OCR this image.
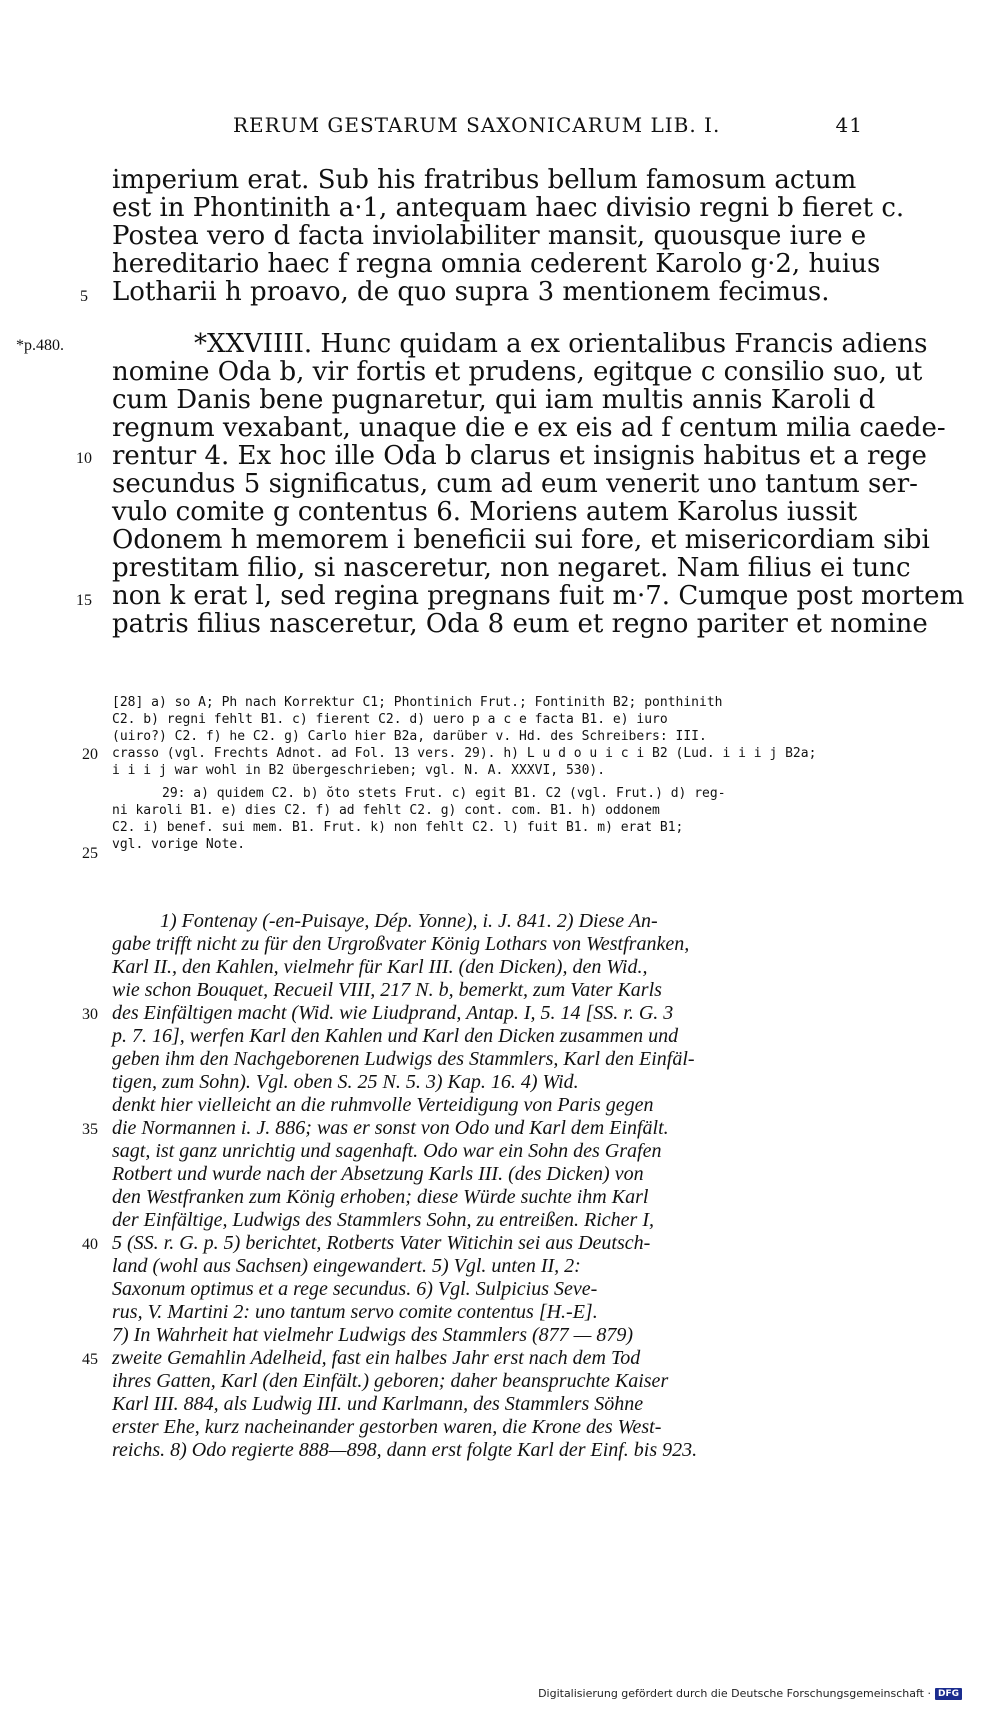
RERUM GESTARUM SAXONICARUM LIB. I.	41
imperium erat. Sub his fratribus bellum famosum actum
est in Phontinith a·1, antequam haec divisio regni b fieret c.
Postea vero d facta inviolabiliter mansit, quousque iure e
hereditario haec f regna omnia cederent Karolo g·2, huius
Lotharii h proavo, de quo supra 3 mentionem fecimus.
*XXVIIII. Hunc quidam a ex orientalibus Francis adiens
nomine Oda b, vir fortis et prudens, egitque c consilio suo, ut
cum Danis bene pugnaretur, qui iam multis annis Karoli d
regnum vexabant, unaque die e ex eis ad f centum milia caede-
rentur 4. Ex hoc ille Oda b clarus et insignis habitus et a rege
secundus 5 significatus, cum ad eum venerit uno tantum ser-
vulo comite g contentus 6. Moriens autem Karolus iussit
Odonem h memorem i beneficii sui fore, et misericordiam sibi
prestitam filio, si nasceretur, non negaret. Nam filius ei tunc
non k erat l, sed regina pregnans fuit m·7. Cumque post mortem
patris filius nasceretur, Oda 8 eum et regno pariter et nomine
*p.480.
5
10
15
[28] a) so A; Ph nach Korrektur C1; Phontinich Frut.; Fontinith B2; ponthinith
C2. b) regni fehlt B1. c) fierent C2. d) uero p a c e facta B1. e) iuro
(uiro?) C2. f) he C2. g) Carlo hier B2a, darüber v. Hd. des Schreibers: III.
crasso (vgl. Frechts Adnot. ad Fol. 13 vers. 29). h) L u d o u i c i B2 (Lud. i i i j B2a;
i i i j war wohl in B2 übergeschrieben; vgl. N. A. XXXVI, 530).
29: a) quidem C2. b) ŏto stets Frut. c) egit B1. C2 (vgl. Frut.) d) reg-
ni karoli B1. e) dies C2. f) ad fehlt C2. g) cont. com. B1. h) oddonem
C2. i) benef. sui mem. B1. Frut. k) non fehlt C2. l) fuit B1. m) erat B1;
vgl. vorige Note.
20
25
1) Fontenay (-en-Puisaye, Dép. Yonne), i. J. 841. 2) Diese An-
gabe trifft nicht zu für den Urgroßvater König Lothars von Westfranken,
Karl II., den Kahlen, vielmehr für Karl III. (den Dicken), den Wid.,
wie schon Bouquet, Recueil VIII, 217 N. b, bemerkt, zum Vater Karls
des Einfältigen macht (Wid. wie Liudprand, Antap. I, 5. 14 [SS. r. G. 3
p. 7. 16], werfen Karl den Kahlen und Karl den Dicken zusammen und
geben ihm den Nachgeborenen Ludwigs des Stammlers, Karl den Einfäl-
tigen, zum Sohn). Vgl. oben S. 25 N. 5. 3) Kap. 16. 4) Wid.
denkt hier vielleicht an die ruhmvolle Verteidigung von Paris gegen
die Normannen i. J. 886; was er sonst von Odo und Karl dem Einfält.
sagt, ist ganz unrichtig und sagenhaft. Odo war ein Sohn des Grafen
Rotbert und wurde nach der Absetzung Karls III. (des Dicken) von
den Westfranken zum König erhoben; diese Würde suchte ihm Karl
der Einfältige, Ludwigs des Stammlers Sohn, zu entreißen. Richer I,
5 (SS. r. G. p. 5) berichtet, Rotberts Vater Witichin sei aus Deutsch-
land (wohl aus Sachsen) eingewandert. 5) Vgl. unten II, 2:
Saxonum optimus et a rege secundus. 6) Vgl. Sulpicius Seve-
rus, V. Martini 2: uno tantum servo comite contentus [H.-E].
7) In Wahrheit hat vielmehr Ludwigs des Stammlers (877 — 879)
zweite Gemahlin Adelheid, fast ein halbes Jahr erst nach dem Tod
ihres Gatten, Karl (den Einfält.) geboren; daher beanspruchte Kaiser
Karl III. 884, als Ludwig III. und Karlmann, des Stammlers Söhne
erster Ehe, kurz nacheinander gestorben waren, die Krone des West-
reichs. 8) Odo regierte 888—898, dann erst folgte Karl der Einf. bis 923.
30
35
40
45
Digitalisierung gefördert durch die Deutsche Forschungsgemeinschaft · DFG
